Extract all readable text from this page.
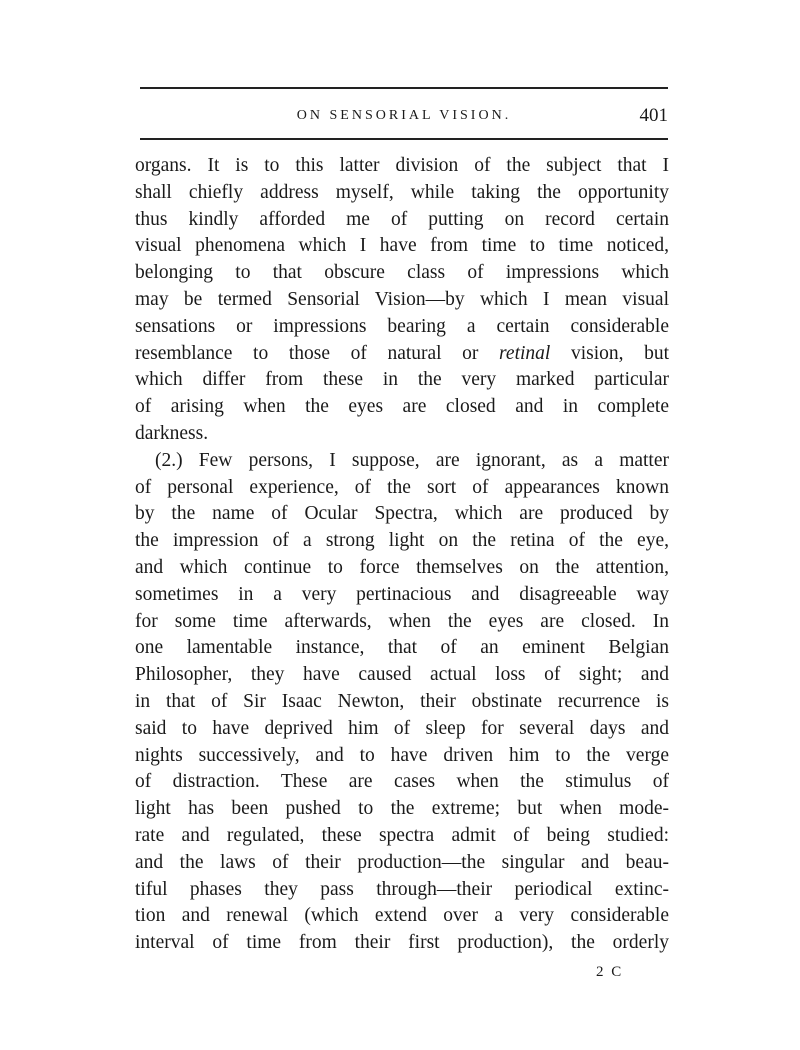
ON SENSORIAL VISION.	401
organs. It is to this latter division of the subject that I
shall chiefly address myself, while taking the opportunity
thus kindly afforded me of putting on record certain
visual phenomena which I have from time to time noticed,
belonging to that obscure class of impressions which
may be termed Sensorial Vision—by which I mean visual
sensations or impressions bearing a certain considerable
resemblance to those of natural or retinal vision, but
which differ from these in the very marked particular
of arising when the eyes are closed and in complete
darkness.
(2.) Few persons, I suppose, are ignorant, as a matter
of personal experience, of the sort of appearances known
by the name of Ocular Spectra, which are produced by
the impression of a strong light on the retina of the eye,
and which continue to force themselves on the attention,
sometimes in a very pertinacious and disagreeable way
for some time afterwards, when the eyes are closed. In
one lamentable instance, that of an eminent Belgian
Philosopher, they have caused actual loss of sight; and
in that of Sir Isaac Newton, their obstinate recurrence is
said to have deprived him of sleep for several days and
nights successively, and to have driven him to the verge
of distraction. These are cases when the stimulus of
light has been pushed to the extreme; but when mode-
rate and regulated, these spectra admit of being studied:
and the laws of their production—the singular and beau-
tiful phases they pass through—their periodical extinc-
tion and renewal (which extend over a very considerable
interval of time from their first production), the orderly
2 C
